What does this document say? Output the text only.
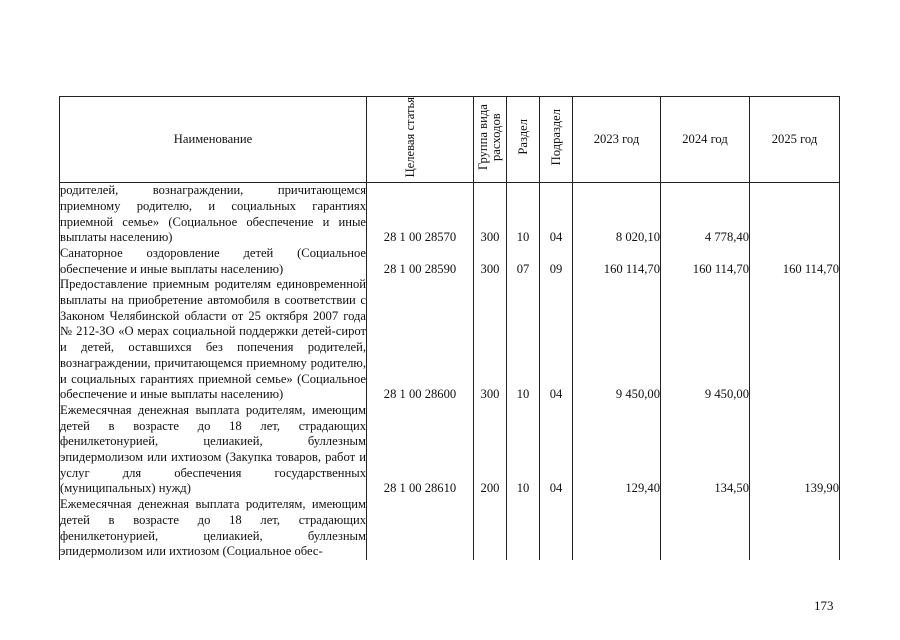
Наименование	Целевая статья	Группа вида расходов	Раздел	Подраздел	2023 год	2024 год	2025 год
родителей, вознаграждении, причитающемся приемному родителю, и социальных гарантиях приемной семье» (Социальное обеспечение и иные выплаты населению)	28 1 00 28570	300	10	04	8 020,10	4 778,40	
Санаторное оздоровление детей (Социальное обеспечение и иные выплаты населению)	28 1 00 28590	300	07	09	160 114,70	160 114,70	160 114,70
Предоставление приемным родителям единовременной выплаты на приобретение автомобиля в соответствии с Законом Челябинской области от 25 октября 2007 года № 212-ЗО «О мерах социальной поддержки детей-сирот и детей, оставшихся без попечения родителей, вознаграждении, причитающемся приемному родителю, и социальных гарантиях приемной семье» (Социальное обеспечение и иные выплаты населению)	28 1 00 28600	300	10	04	9 450,00	9 450,00	
Ежемесячная денежная выплата родителям, имеющим детей в возрасте до 18 лет, страдающих фенилкетонурией, целиакией, буллезным эпидермолизом или ихтиозом (Закупка товаров, работ и услуг для обеспечения государственных (муниципальных) нужд)	28 1 00 28610	200	10	04	129,40	134,50	139,90
Ежемесячная денежная выплата родителям, имеющим детей в возрасте до 18 лет, страдающих фенилкетонурией, целиакией, буллезным эпидермолизом или ихтиозом (Социальное обес-							
173
